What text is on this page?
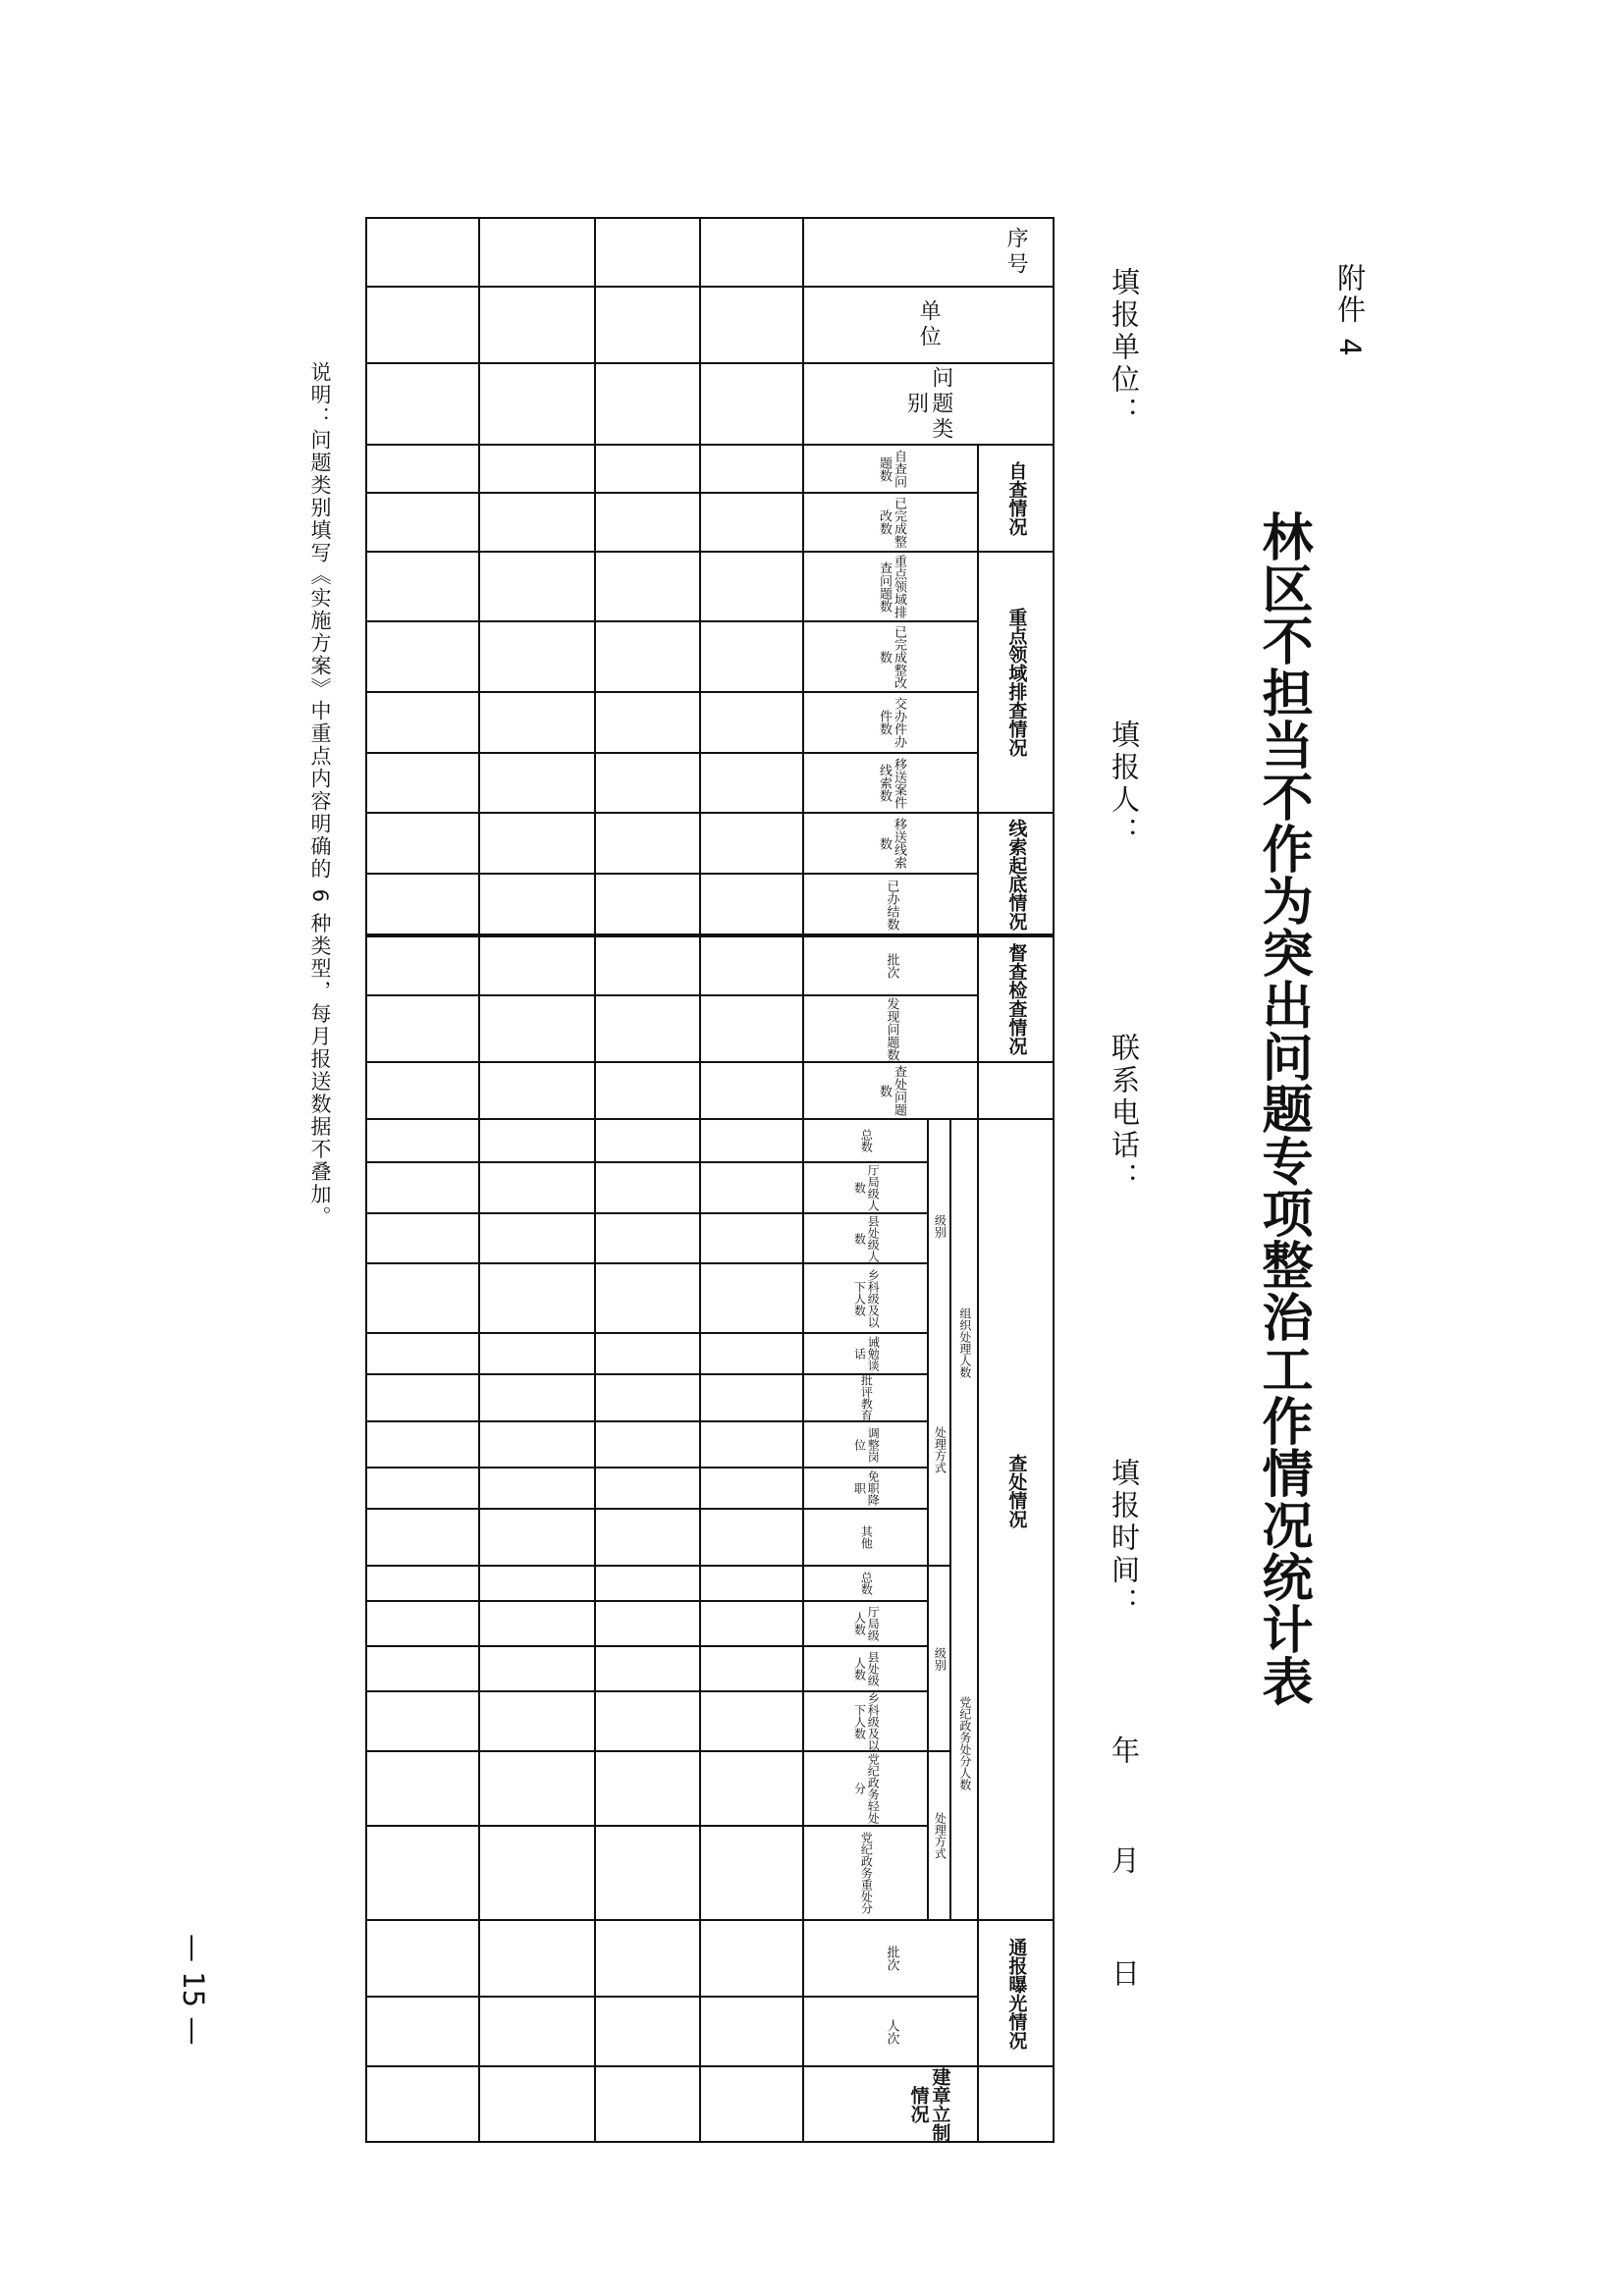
附件 4
林区不担当不作为突出问题专项整治工作情况统计表
填报单位：
填报人：
联系电话：
填报时间：
年
月
日
序号
单位
问题类别
自查情况
自查问题数
已完成整改数
重点领域排查情况
重点领域排查问题数
已完成整改数
交办件办件数
移送案件线索数
线索起底情况
移送线索数
已办结数
督查检查情况
批次
发现问题数
查处情况
查处问题数
组织处理人数
级别
总数
厅局级人数
县处级人数
乡科级及以下人数
处理方式
诫勉谈话
批评教育
调整岗位
免职降职
其他
党纪政务处分人数
级别
总数
厅局级人数
县处级人数
乡科级及以下人数
处理方式
党纪政务轻处分
党纪政务重处分
通报曝光情况
批次
人次
建章立制情况
说明：问题类别填写《实施方案》中重点内容明确的 6 种类型，每月报送数据不叠加。
— 15 —
